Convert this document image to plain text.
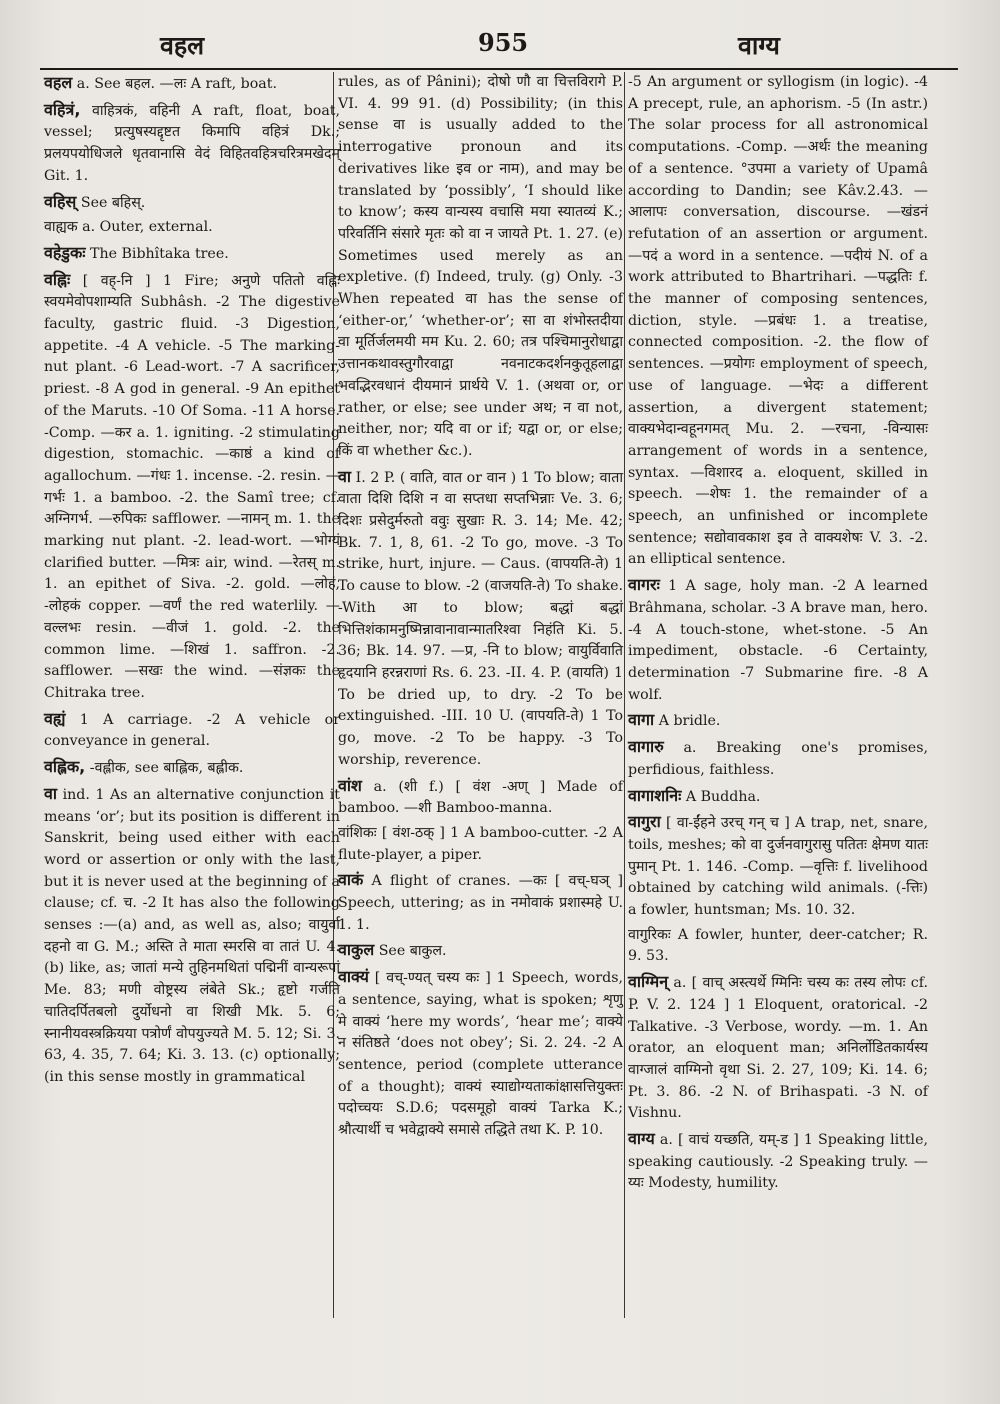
वहल	955	वाग्य
वहल a. See बहल. —लः A raft, boat.
वहित्रं, वाहित्रकं, वहिनी A raft, float, boat, vessel; प्रत्युषस्यद्दृष्टत किमापि वहित्रं Dk.; प्रलयपयोधिजले धृतवानासि वेदं विहितवहित्रचरित्रमखेदम् Git. 1.
वहिस् See बहिस्.
वाह्यक a. Outer, external.
वहेडुकः The Bibhîtaka tree.
वह्निः [ वह्-नि ] 1 Fire; अनुणे पतितो वह्निः स्वयमेवोपशाम्यति Subhâsh. -2 The digestive faculty, gastric fluid. -3 Digestion, appetite. -4 A vehicle. -5 The marking-nut plant. -6 Lead-wort. -7 A sacrificer, priest. -8 A god in general. -9 An epithet of the Maruts. -10 Of Soma. -11 A horse. -Comp. —कर a. 1. igniting. -2 stimulating digestion, stomachic. —काष्ठं a kind of agallochum. —गंधः 1. incense. -2. resin. —गर्भः 1. a bamboo. -2. the Samî tree; cf. अग्निगर्भ. —रुपिकः safflower. —नामन् m. 1. the marking nut plant. -2. lead-wort. —भोग्यं clarified butter. —मित्रः air, wind. —रेतस् m. 1. an epithet of Siva. -2. gold. —लोहं, -लोहकं copper. —वर्णं the red waterlily. —वल्लभः resin. —वीजं 1. gold. -2. the common lime. —शिखं 1. saffron. -2. safflower. —सखः the wind. —संज्ञकः the Chitraka tree.
वह्यं 1 A carriage. -2 A vehicle or conveyance in general.
वह्लिक, -वह्लीक, see बाह्लिक, बह्लीक.
वा ind. 1 As an alternative conjunction it means ‘or’; but its position is different in Sanskrit, being used either with each word or assertion or only with the last, but it is never used at the beginning of a clause; cf. च. -2 It has also the following senses :—(a) and, as well as, also; वायुर्वा दहनो वा G. M.; अस्ति ते माता स्मरसि वा तातं U. 4. (b) like, as; जातां मन्ये तुहिनमथितां पद्मिनीं वान्यरूपां Me. 83; मणी वोष्ट्रस्य लंबेते Sk.; हृष्टो गर्जति चातिदर्पितबलो दुर्योधनो वा शिखी Mk. 5. 6; स्नानीयवस्त्रक्रियया पत्रोर्णं वोपयुज्यते M. 5. 12; Si. 3. 63, 4. 35, 7. 64; Ki. 3. 13. (c) optionally; (in this sense mostly in grammatical
rules, as of Pânini); दोषो णौ वा चित्तविरागे P. VI. 4. 99 91. (d) Possibility; (in this sense वा is usually added to the interrogative pronoun and its derivatives like इव or नाम), and may be translated by ‘possibly’, ‘I should like to know’; कस्य वान्यस्य वचासि मया स्यातव्यं K.; परिवर्तिनि संसारे मृतः को वा न जायते Pt. 1. 27. (e) Sometimes used merely as an expletive. (f) Indeed, truly. (g) Only. -3 When repeated वा has the sense of ‘either-or,’ ‘whether-or’; सा वा शंभोस्तदीया वा मूर्तिर्जलमयी मम Ku. 2. 60; तत्र पश्चिमानुरोधाद्वा उत्तानकथावस्तुगौरवाद्वा नवनाटकदर्शनकुतूहलाद्वा भवद्भिरवधानं दीयमानं प्रार्थये V. 1. (अथवा or, or rather, or else; see under अथ; न वा not, neither, nor; यदि वा or if; यद्वा or, or else; किं वा whether &c.).
वा I. 2 P. ( वाति, वात or वान ) 1 To blow; वाता वाता दिशि दिशि न वा सप्तधा सप्तभिन्नाः Ve. 3. 6; दिशः प्रसेदुर्मरुतो ववुः सुखाः R. 3. 14; Me. 42; Bk. 7. 1, 8, 61. -2 To go, move. -3 To strike, hurt, injure. — Caus. (वापयति-ते) 1 To cause to blow. -2 (वाजयति-ते) To shake. -With आ to blow; बद्धां बद्धां भित्तिशंकामनुष्मिन्नावानावान्मातरिश्वा निहंति Ki. 5. 36; Bk. 14. 97. —प्र, -नि to blow; वायुर्विवाति हृदयानि हरन्नराणां Rs. 6. 23. -II. 4. P. (वायति) 1 To be dried up, to dry. -2 To be extinguished. -III. 10 U. (वापयति-ते) 1 To go, move. -2 To be happy. -3 To worship, reverence.
वांश a. (शी f.) [ वंश -अण् ] Made of bamboo. —शी Bamboo-manna.
वांशिकः [ वंश-ठक् ] 1 A bamboo-cutter. -2 A flute-player, a piper.
वाकं A flight of cranes. —कः [ वच्-घञ् ] Speech, uttering; as in नमोवाकं प्रशास्महे U. 1. 1.
वाकुल See बाकुल.
वाक्यं [ वच्-ण्यत् चस्य कः ] 1 Speech, words, a sentence, saying, what is spoken; शृणु मे वाक्यं ‘here my words’, ‘hear me’; वाक्ये न संतिष्ठते ‘does not obey’; Si. 2. 24. -2 A sentence, period (complete utterance of a thought); वाक्यं स्याद्योग्यताकांक्षासत्तियुक्तः पदोच्चयः S.D.6; पदसमूहो वाक्यं Tarka K.; श्रौत्यार्थी च भवेद्वाक्ये समासे तद्धिते तथा K. P. 10.
-5 An argument or syllogism (in logic). -4 A precept, rule, an aphorism. -5 (In astr.) The solar process for all astronomical computations. -Comp. —अर्थः the meaning of a sentence. °उपमा a variety of Upamâ according to Dandin; see Kâv.2.43. —आलापः conversation, discourse. —खंडनं refutation of an assertion or argument. —पदं a word in a sentence. —पदीयं N. of a work attributed to Bhartrihari. —पद्धतिः f. the manner of composing sentences, diction, style. —प्रबंधः 1. a treatise, connected composition. -2. the flow of sentences. —प्रयोगः employment of speech, use of language. —भेदः a different assertion, a divergent statement; वाक्यभेदान्वहूनगमत् Mu. 2. —रचना, -विन्यासः arrangement of words in a sentence, syntax. —विशारद a. eloquent, skilled in speech. —शेषः 1. the remainder of a speech, an unfinished or incomplete sentence; सद्योवावकाश इव ते वाक्यशेषः V. 3. -2. an elliptical sentence.
वागरः 1 A sage, holy man. -2 A learned Brâhmana, scholar. -3 A brave man, hero. -4 A touch-stone, whet-stone. -5 An impediment, obstacle. -6 Certainty, determination -7 Submarine fire. -8 A wolf.
वागा A bridle.
वागारु a. Breaking one's promises, perfidious, faithless.
वागाशनिः A Buddha.
वागुरा [ वा-ईंहने उरच् गन् च ] A trap, net, snare, toils, meshes; को वा दुर्जनवागुरासु पतितः क्षेमण यातः पुमान् Pt. 1. 146. -Comp. —वृत्तिः f. livelihood obtained by catching wild animals. (-त्तिः) a fowler, huntsman; Ms. 10. 32.
वागुरिकः A fowler, hunter, deer-catcher; R. 9. 53.
वाग्मिन् a. [ वाच् अस्त्यर्थे ग्मिनिः चस्य कः तस्य लोपः cf. P. V. 2. 124 ] 1 Eloquent, oratorical. -2 Talkative. -3 Verbose, wordy. —m. 1. An orator, an eloquent man; अनिर्लोडितकार्यस्य वाग्जालं वाग्मिनो वृथा Si. 2. 27, 109; Ki. 14. 6; Pt. 3. 86. -2 N. of Brihaspati. -3 N. of Vishnu.
वाग्य a. [ वाचं यच्छति, यम्-ड ] 1 Speaking little, speaking cautiously. -2 Speaking truly. —य्यः Modesty, humility.
